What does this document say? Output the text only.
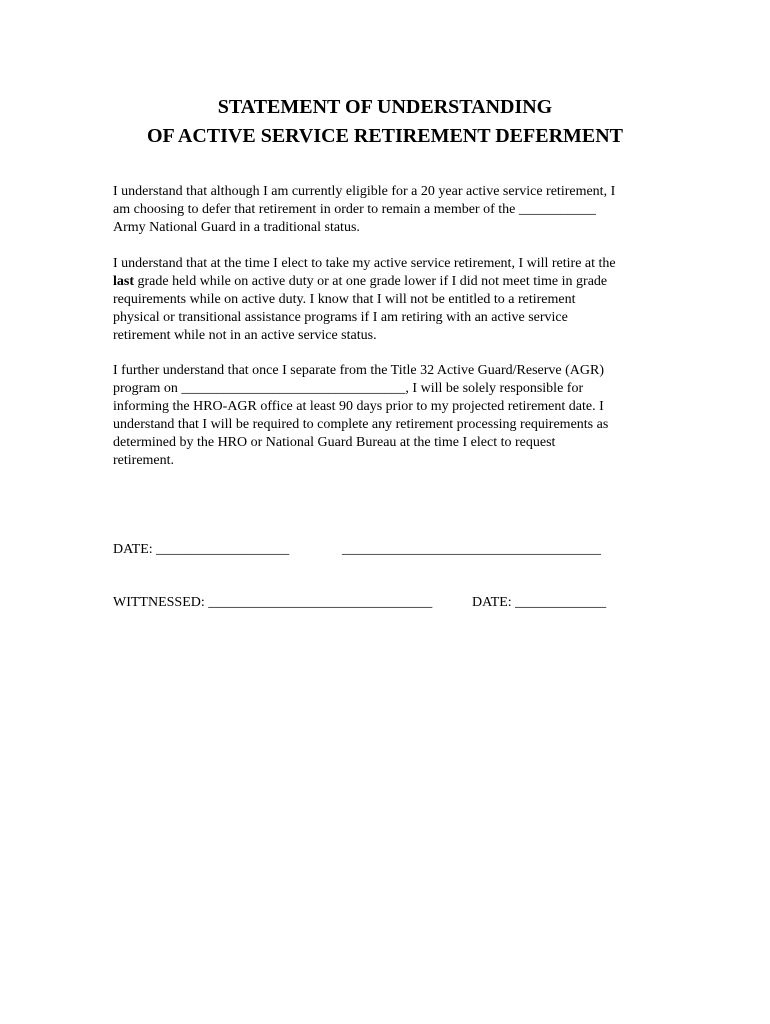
STATEMENT OF UNDERSTANDING
OF ACTIVE SERVICE RETIREMENT DEFERMENT

I understand that although I am currently eligible for a 20 year active service retirement, I
am choosing to defer that retirement in order to remain a member of the ___________
Army National Guard in a traditional status.

I understand that at the time I elect to take my active service retirement, I will retire at the
last grade held while on active duty or at one grade lower if I did not meet time in grade
requirements while on active duty. I know that I will not be entitled to a retirement
physical or transitional assistance programs if I am retiring with an active service
retirement while not in an active service status.

I further understand that once I separate from the Title 32 Active Guard/Reserve (AGR)
program on ________________________________, I will be solely responsible for
informing the HRO-AGR office at least 90 days prior to my projected retirement date. I
understand that I will be required to complete any retirement processing requirements as
determined by the HRO or National Guard Bureau at the time I elect to request
retirement.

DATE: ___________________	_____________________________________
WITTNESSED: ________________________________	DATE: _____________
